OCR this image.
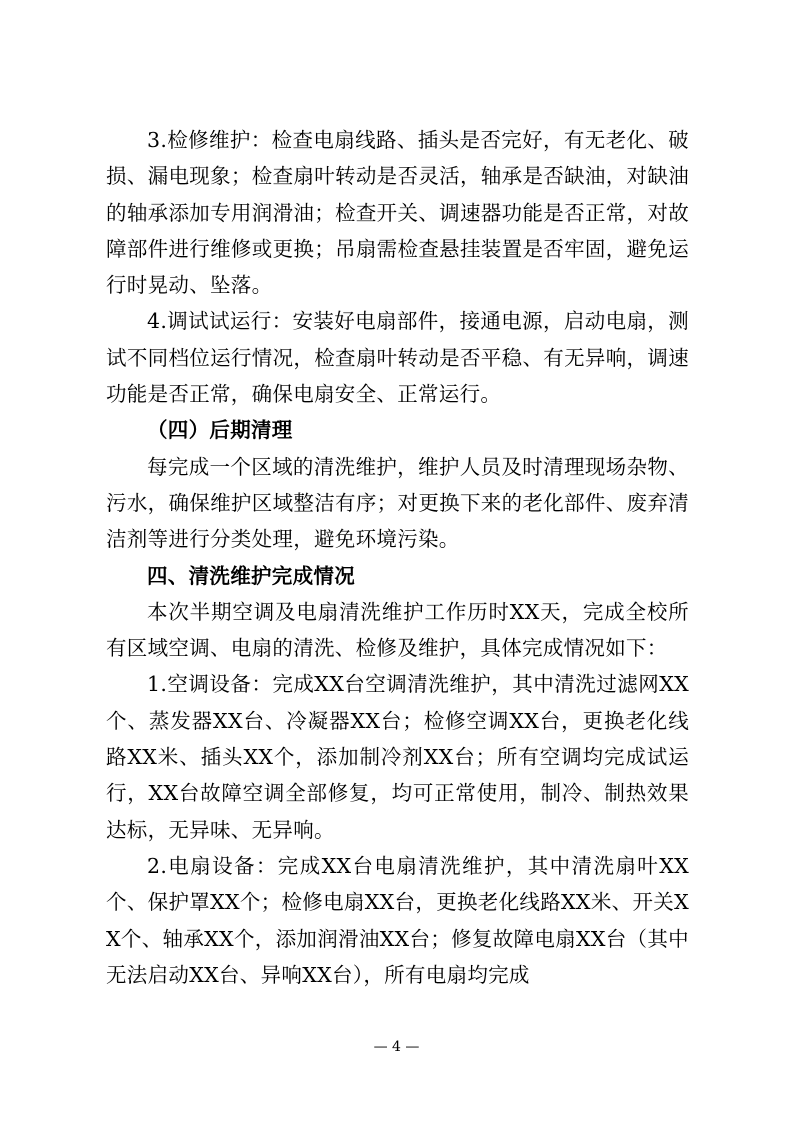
3.检修维护：检查电扇线路、插头是否完好，有无老化、破损、漏电现象；检查扇叶转动是否灵活，轴承是否缺油，对缺油的轴承添加专用润滑油；检查开关、调速器功能是否正常，对故障部件进行维修或更换；吊扇需检查悬挂装置是否牢固，避免运行时晃动、坠落。

4.调试试运行：安装好电扇部件，接通电源，启动电扇，测试不同档位运行情况，检查扇叶转动是否平稳、有无异响，调速功能是否正常，确保电扇安全、正常运行。

（四）后期清理

每完成一个区域的清洗维护，维护人员及时清理现场杂物、污水，确保维护区域整洁有序；对更换下来的老化部件、废弃清洁剂等进行分类处理，避免环境污染。

四、清洗维护完成情况

本次半期空调及电扇清洗维护工作历时XX天，完成全校所有区域空调、电扇的清洗、检修及维护，具体完成情况如下：

1.空调设备：完成XX台空调清洗维护，其中清洗过滤网XX个、蒸发器XX台、冷凝器XX台；检修空调XX台，更换老化线路XX米、插头XX个，添加制冷剂XX台；所有空调均完成试运行，XX台故障空调全部修复，均可正常使用，制冷、制热效果达标，无异味、无异响。

2.电扇设备：完成XX台电扇清洗维护，其中清洗扇叶XX个、保护罩XX个；检修电扇XX台，更换老化线路XX米、开关XX个、轴承XX个，添加润滑油XX台；修复故障电扇XX台（其中无法启动XX台、异响XX台），所有电扇均完成

— 4 —
